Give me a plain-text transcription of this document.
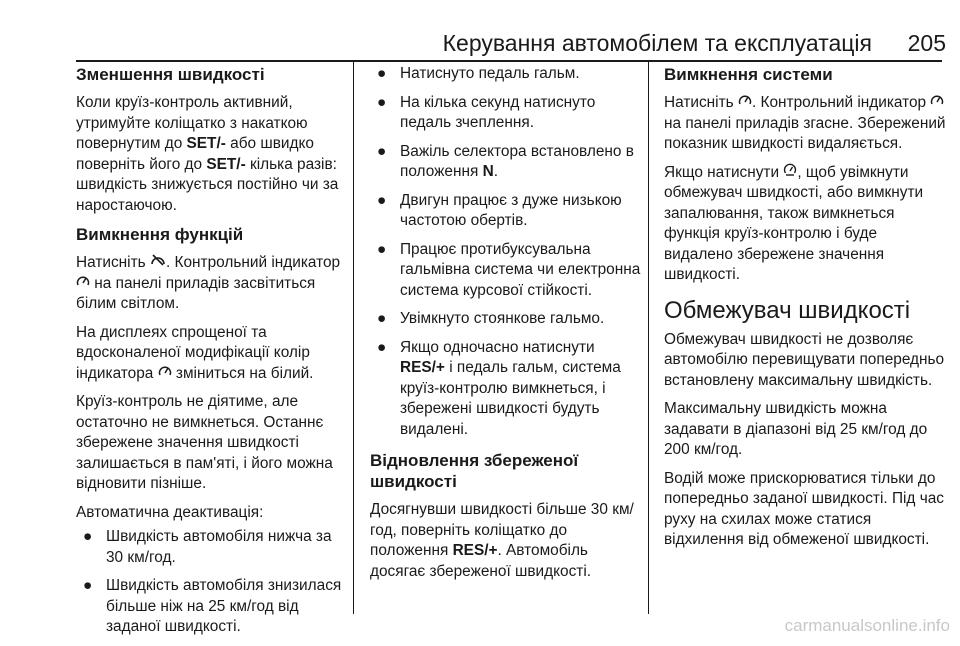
Керування автомобілем та експлуатація	205
Зменшення швидкості

Коли круїз-контроль активний, утримуйте коліщатко з накаткою повернутим до SET/- або швидко поверніть його до SET/- кілька разів: швидкість знижується постійно чи за наростаючою.

Вимкнення функцій

Натисніть . Контрольний індикатор  на панелі приладів засвітиться білим світлом.

На дисплеях спрощеної та вдосконаленої модифікації колір індикатора  зміниться на білий.

Круїз-контроль не діятиме, але остаточно не вимкнеться. Останнє збережене значення швидкості залишається в пам'яті, і його можна відновити пізніше.

Автоматична деактивація:

● Швидкість автомобіля нижча за 30 км/год.
● Швидкість автомобіля знизилася більше ніж на 25 км/год від заданої швидкості.
● Натиснуто педаль гальм.
● На кілька секунд натиснуто педаль зчеплення.
● Важіль селектора встановлено в положення N.
● Двигун працює з дуже низькою частотою обертів.
● Працює протибуксувальна гальмівна система чи електронна система курсової стійкості.
● Увімкнуто стоянкове гальмо.
● Якщо одночасно натиснути RES/+ і педаль гальм, система круїз-контролю вимкнеться, і збережені швидкості будуть видалені.
Відновлення збереженої швидкості

Досягнувши швидкості більше 30 км/год, поверніть коліщатко до положення RES/+. Автомобіль досягає збереженої швидкості.

Вимкнення системи

Натисніть . Контрольний індикатор  на панелі приладів згасне. Збережений показник швидкості видаляється.

Якщо натиснути , щоб увімкнути обмежувач швидкості, або вимкнути запалювання, також вимкнеться функція круїз-контролю і буде видалено збережене значення швидкості.

Обмежувач швидкості

Обмежувач швидкості не дозволяє автомобілю перевищувати попередньо встановлену максимальну швидкість.

Максимальну швидкість можна задавати в діапазоні від 25 км/год до 200 км/год.

Водій може прискорюватися тільки до попередньо заданої швидкості. Під час руху на схилах може статися відхилення від обмеженої швидкості.

carmanualsonline.info
